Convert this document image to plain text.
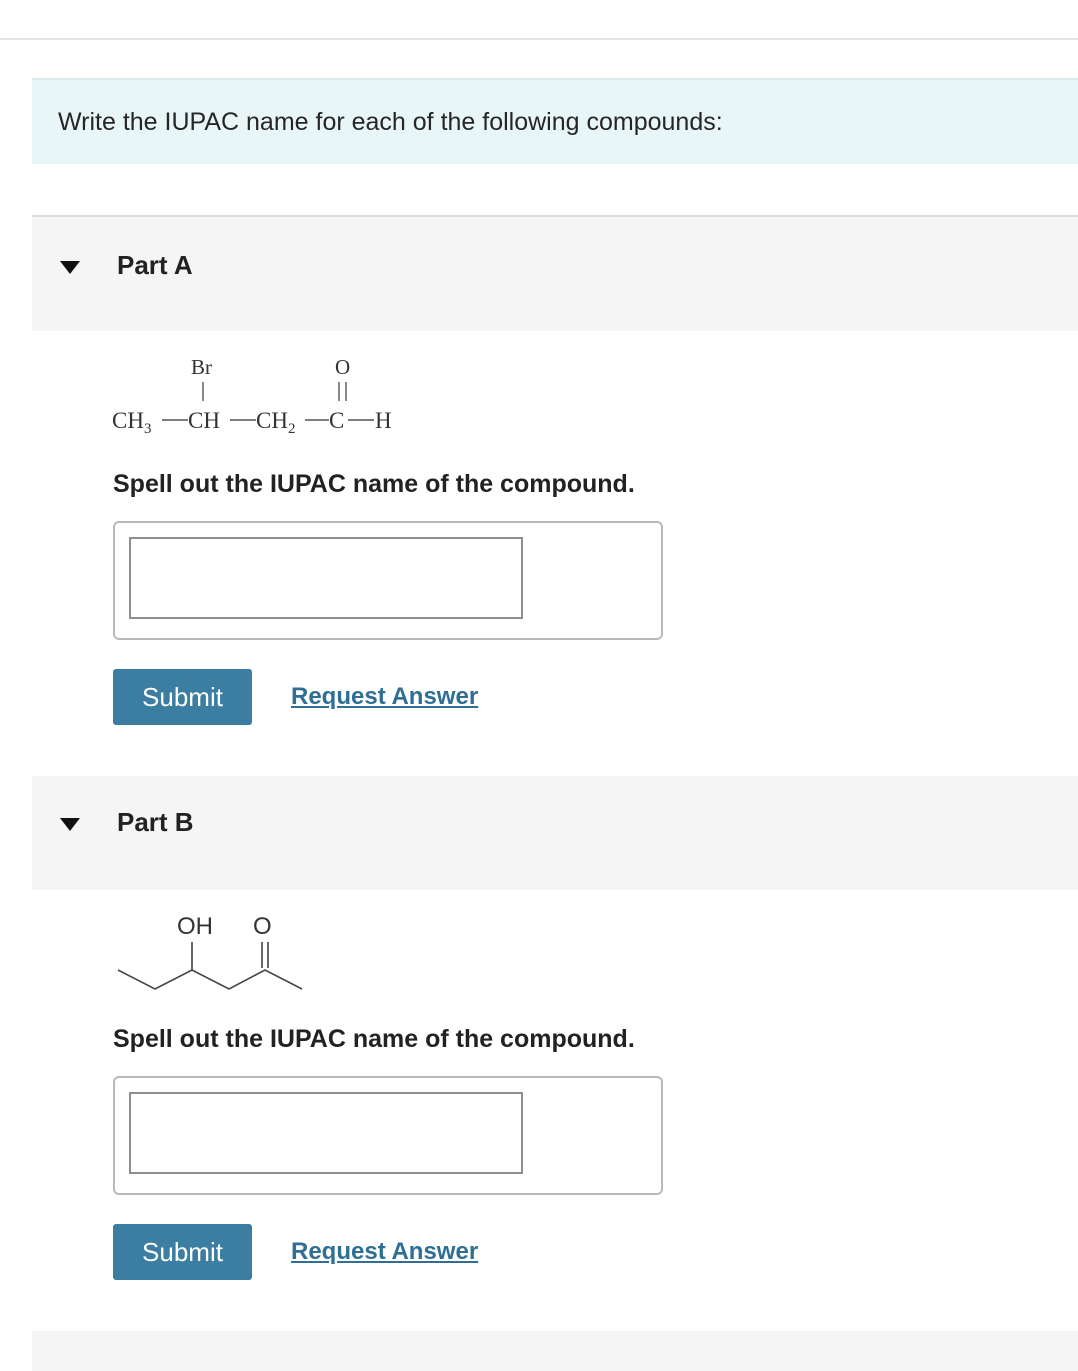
Write the IUPAC name for each of the following compounds:
Part A
Br	O
$CH_3$ CH $CH_2$ C H
Spell out the IUPAC name of the compound.
Submit	Request Answer
Part B
OH O
Spell out the IUPAC name of the compound.
Submit	Request Answer
